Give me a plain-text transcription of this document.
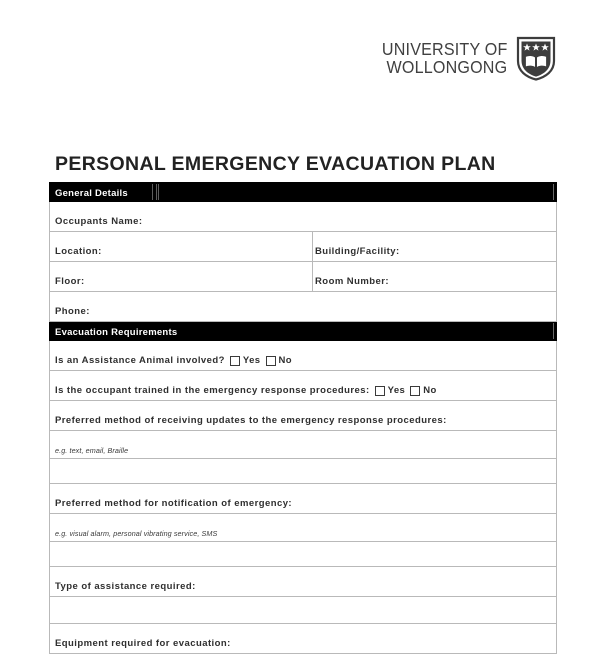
UNIVERSITY OF
WOLLONGONG
PERSONAL EMERGENCY EVACUATION PLAN
General Details	

Occupants Name:	

Location:	Building/Facility:

Floor:	Room Number:

Phone:	

Evacuation Requirements	

Is an Assistance Animal involved? Yes No	

Is the occupant trained in the emergency response procedures: Yes No	

Preferred method of receiving updates to the emergency response procedures:	

e.g. text, email, Braille	

Preferred method for notification of emergency:	

e.g. visual alarm, personal vibrating service, SMS	

Type of assistance required:	

Equipment required for evacuation:	
